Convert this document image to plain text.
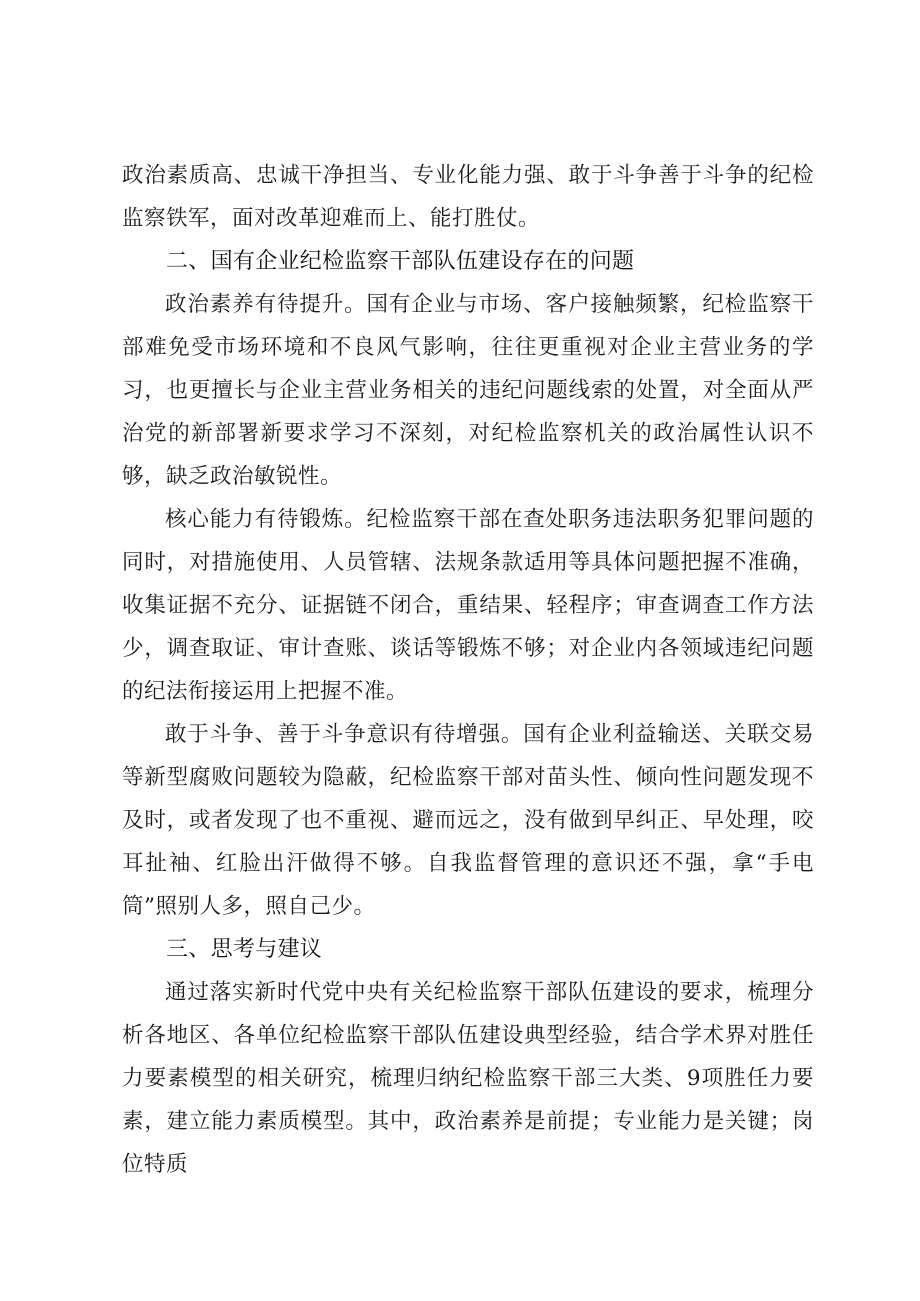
政治素质高、忠诚干净担当、专业化能力强、敢于斗争善于斗争的纪检监察铁军，面对改革迎难而上、能打胜仗。

二、国有企业纪检监察干部队伍建设存在的问题

政治素养有待提升。国有企业与市场、客户接触频繁，纪检监察干部难免受市场环境和不良风气影响，往往更重视对企业主营业务的学习，也更擅长与企业主营业务相关的违纪问题线索的处置，对全面从严治党的新部署新要求学习不深刻，对纪检监察机关的政治属性认识不够，缺乏政治敏锐性。

核心能力有待锻炼。纪检监察干部在查处职务违法职务犯罪问题的同时，对措施使用、人员管辖、法规条款适用等具体问题把握不准确，收集证据不充分、证据链不闭合，重结果、轻程序；审查调查工作方法少，调查取证、审计查账、谈话等锻炼不够；对企业内各领域违纪问题的纪法衔接运用上把握不准。

敢于斗争、善于斗争意识有待增强。国有企业利益输送、关联交易等新型腐败问题较为隐蔽，纪检监察干部对苗头性、倾向性问题发现不及时，或者发现了也不重视、避而远之，没有做到早纠正、早处理，咬耳扯袖、红脸出汗做得不够。自我监督管理的意识还不强，拿“手电筒”照别人多，照自己少。

三、思考与建议

通过落实新时代党中央有关纪检监察干部队伍建设的要求，梳理分析各地区、各单位纪检监察干部队伍建设典型经验，结合学术界对胜任力要素模型的相关研究，梳理归纳纪检监察干部三大类、9项胜任力要素，建立能力素质模型。其中，政治素养是前提；专业能力是关键；岗位特质
